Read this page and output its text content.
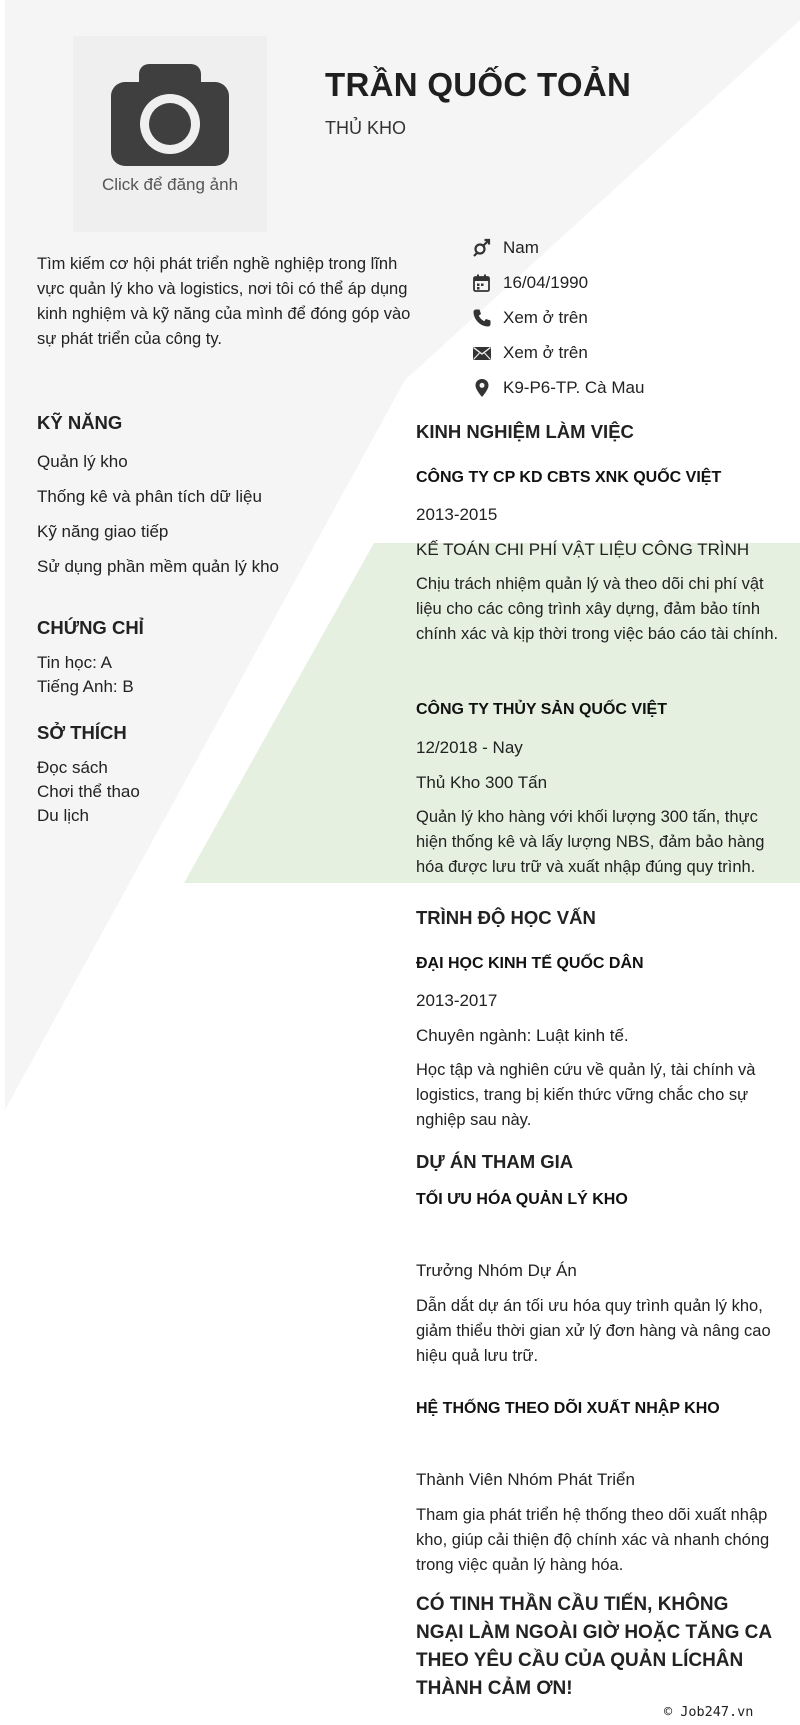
Click để đăng ảnh
TRẦN QUỐC TOẢN
THỦ KHO

Tìm kiếm cơ hội phát triển nghề nghiệp trong lĩnh vực quản lý kho và logistics, nơi tôi có thể áp dụng kinh nghiệm và kỹ năng của mình để đóng góp vào sự phát triển của công ty.

Nam
16/04/1990
Xem ở trên
Xem ở trên
K9-P6-TP. Cà Mau
KỸ NĂNG
Quản lý kho
Thống kê và phân tích dữ liệu
Kỹ năng giao tiếp
Sử dụng phần mềm quản lý kho
CHỨNG CHỈ
Tin học: A
Tiếng Anh: B
SỞ THÍCH
Đọc sách
Chơi thể thao
Du lịch
KINH NGHIỆM LÀM VIỆC
CÔNG TY CP KD CBTS XNK QUỐC VIỆT
2013-2015
KẾ TOÁN CHI PHÍ VẬT LIỆU CÔNG TRÌNH

Chịu trách nhiệm quản lý và theo dõi chi phí vật liệu cho các công trình xây dựng, đảm bảo tính chính xác và kịp thời trong việc báo cáo tài chính.

CÔNG TY THỦY SẢN QUỐC VIỆT
12/2018 - Nay
Thủ Kho 300 Tấn

Quản lý kho hàng với khối lượng 300 tấn, thực hiện thống kê và lấy lượng NBS, đảm bảo hàng hóa được lưu trữ và xuất nhập đúng quy trình.

TRÌNH ĐỘ HỌC VẤN
ĐẠI HỌC KINH TẾ QUỐC DÂN
2013-2017
Chuyên ngành: Luật kinh tế.

Học tập và nghiên cứu về quản lý, tài chính và logistics, trang bị kiến thức vững chắc cho sự nghiệp sau này.

DỰ ÁN THAM GIA
TỐI ƯU HÓA QUẢN LÝ KHO
Trưởng Nhóm Dự Án

Dẫn dắt dự án tối ưu hóa quy trình quản lý kho, giảm thiểu thời gian xử lý đơn hàng và nâng cao hiệu quả lưu trữ.

HỆ THỐNG THEO DÕI XUẤT NHẬP KHO
Thành Viên Nhóm Phát Triển

Tham gia phát triển hệ thống theo dõi xuất nhập kho, giúp cải thiện độ chính xác và nhanh chóng trong việc quản lý hàng hóa.

CÓ TINH THẦN CẦU TIẾN, KHÔNG NGẠI LÀM NGOÀI GIỜ HOẶC TĂNG CA THEO YÊU CẦU CỦA QUẢN LÍCHÂN THÀNH CẢM ƠN!

© Job247.vn
